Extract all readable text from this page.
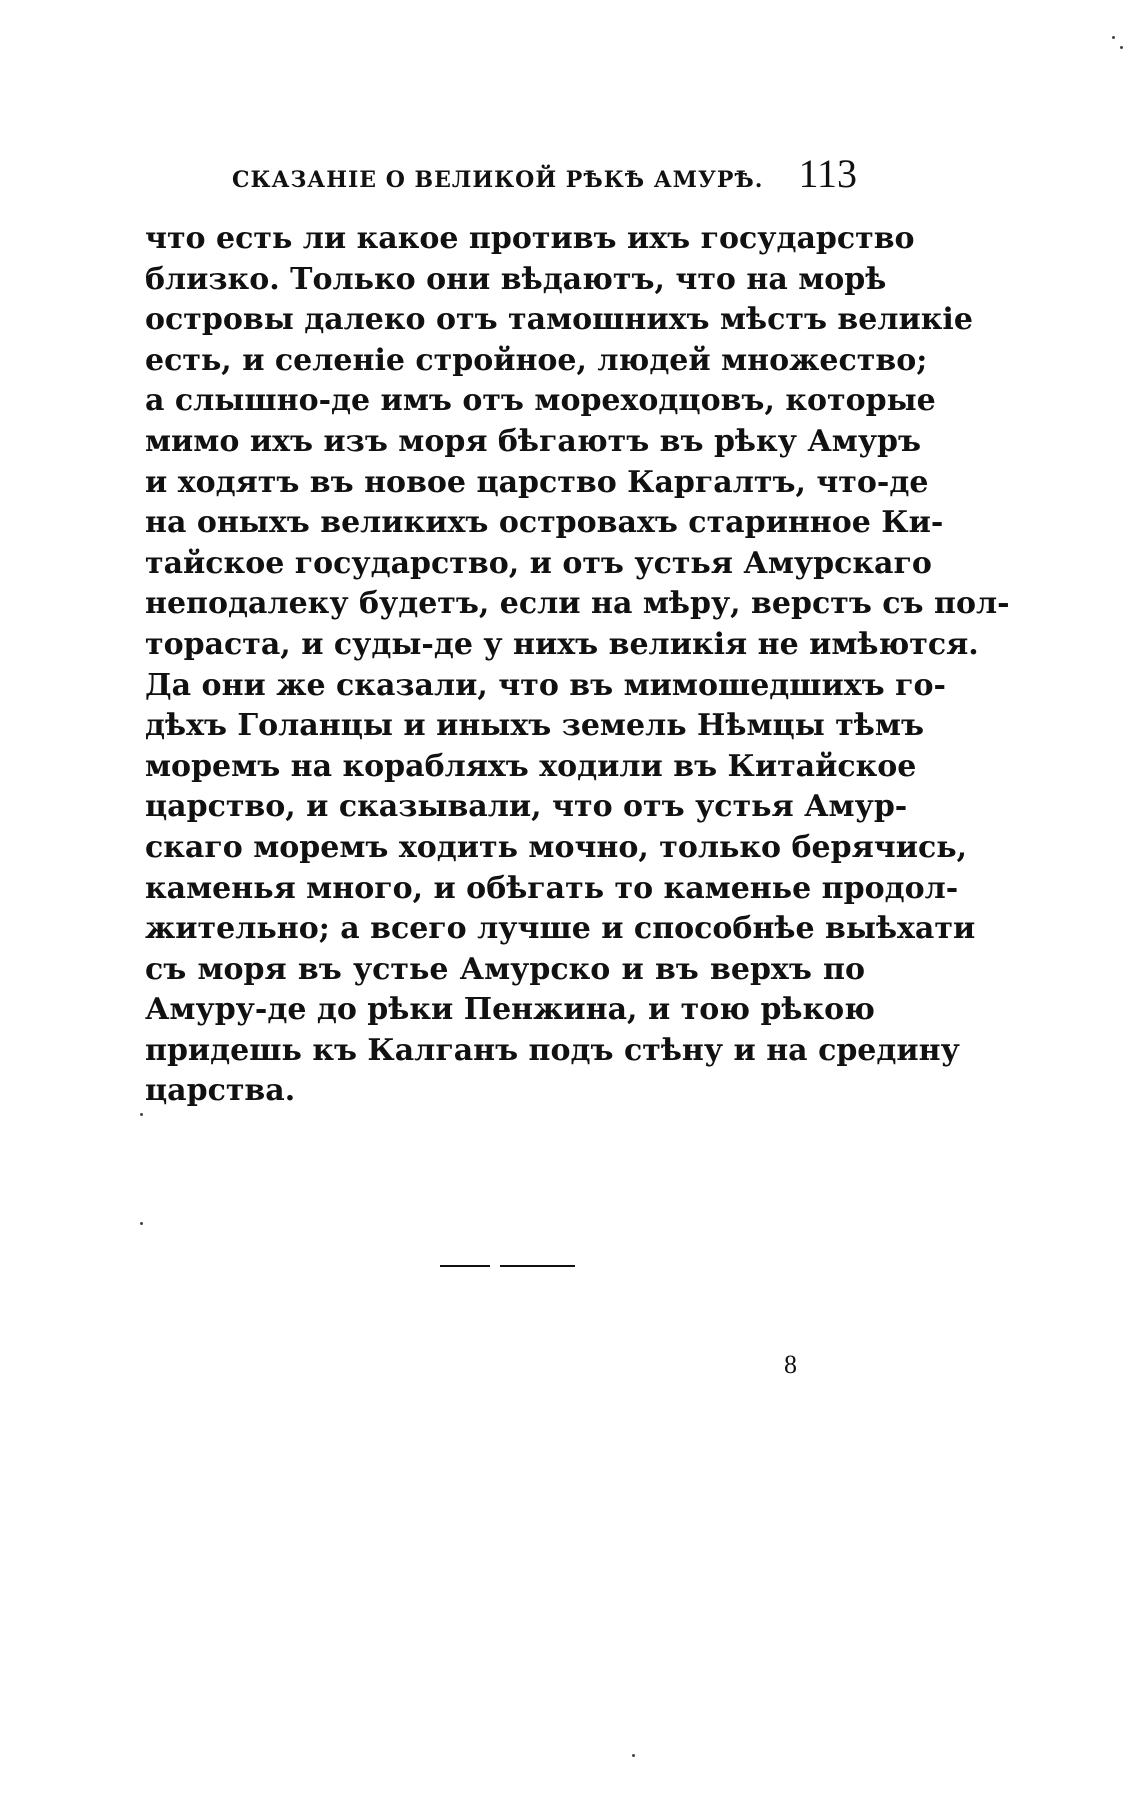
СКАЗАНІЕ О ВЕЛИКОЙ РѢКѢ АМУРѢ. 113
что есть ли какое противъ ихъ государство
близко. Только они вѣдаютъ, что на морѣ
островы далеко отъ тамошнихъ мѣстъ великіе
есть, и селеніе стройное, людей множество;
а слышно-де имъ отъ мореходцовъ, которые
мимо ихъ изъ моря бѣгаютъ въ рѣку Амуръ
и ходятъ въ новое царство Каргалтъ, что-де
на оныхъ великихъ островахъ старинное Ки-
тайское государство, и отъ устья Амурскаго
неподалеку будетъ, если на мѣру, верстъ съ пол-
тораста, и суды-де у нихъ великія не имѣются.
Да они же сказали, что въ мимошедшихъ го-
дѣхъ Голанцы и иныхъ земель Нѣмцы тѣмъ
моремъ на корабляхъ ходили въ Китайское
царство, и сказывали, что отъ устья Амур-
скаго моремъ ходить мочно, только берячись,
каменья много, и обѣгать то каменье продол-
жительно; а всего лучше и способнѣе выѣхати
съ моря въ устье Амурско и въ верхъ по
Амуру-де до рѣки Пенжина, и тою рѣкою
придешь къ Калганъ подъ стѣну и на средину
царства.
8
